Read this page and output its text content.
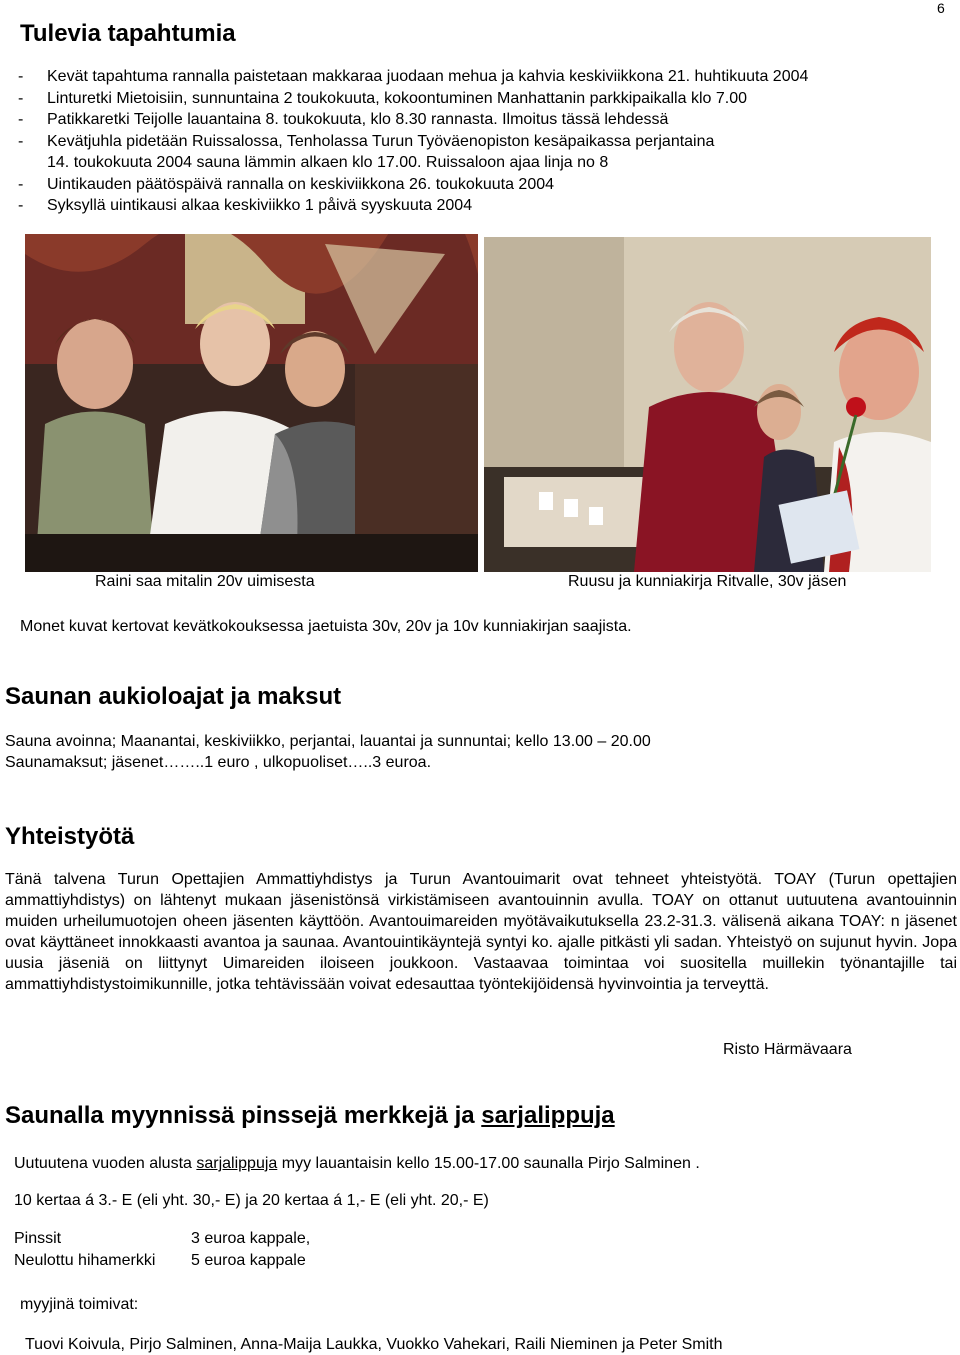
6
Tulevia tapahtumia
-	Kevät tapahtuma rannalla paistetaan makkaraa juodaan mehua ja kahvia keskiviikkona 21. huhtikuuta 2004
-	Linturetki Mietoisiin, sunnuntaina 2 toukokuuta, kokoontuminen Manhattanin parkkipaikalla klo 7.00
-	Patikkaretki Teijolle lauantaina 8. toukokuuta, klo 8.30 rannasta. Ilmoitus tässä lehdessä
-	Kevätjuhla pidetään Ruissalossa, Tenholassa Turun Työväenopiston kesäpaikassa perjantaina
14. toukokuuta 2004 sauna lämmin alkaen klo 17.00. Ruissaloon ajaa linja no 8
-	Uintikauden päätöspäivä rannalla on keskiviikkona 26. toukokuuta 2004
-	Syksyllä uintikausi alkaa keskiviikko 1 påivä syyskuuta 2004
Raini saa mitalin 20v uimisesta	Ruusu ja kunniakirja Ritvalle, 30v jäsen
Monet kuvat kertovat kevätkokouksessa jaetuista 30v, 20v ja 10v kunniakirjan saajista.
Saunan aukioloajat ja maksut
Sauna avoinna; Maanantai, keskiviikko, perjantai, lauantai ja sunnuntai; kello 13.00 – 20.00
Saunamaksut; jäsenet……..1 euro , ulkopuoliset…..3 euroa.
Yhteistyötä
Tänä talvena Turun Opettajien Ammattiyhdistys ja Turun Avantouimarit ovat tehneet yhteistyötä. TOAY (Turun opettajien ammattiyhdistys) on lähtenyt mukaan jäsenistönsä virkistämiseen avantouinnin avulla. TOAY on ottanut uutuutena avantouinnin muiden urheilumuotojen oheen jäsenten käyttöön. Avantouimareiden myötävaikutuksella 23.2-31.3. välisenä aikana TOAY: n jäsenet ovat käyttäneet innokkaasti avantoa ja saunaa. Avantouintikäyntejä syntyi ko. ajalle pitkästi yli sadan. Yhteistyö on sujunut hyvin. Jopa uusia jäseniä on liittynyt Uimareiden iloiseen joukkoon. Vastaavaa toimintaa voi suositella muillekin työnantajille tai ammattiyhdistystoimikunnille, jotka tehtävissään voivat edesauttaa työntekijöidensä hyvinvointia ja terveyttä.
Risto Härmävaara
Saunalla myynnissä pinssejä merkkejä ja sarjalippuja
Uutuutena vuoden alusta sarjalippuja myy lauantaisin kello 15.00-17.00 saunalla Pirjo Salminen .
10 kertaa á 3.- E (eli yht. 30,- E) ja 20 kertaa á 1,- E (eli yht. 20,- E)
Pinssit	3 euroa kappale,
Neulottu hihamerkki	5 euroa kappale
myyjinä toimivat:
Tuovi Koivula, Pirjo Salminen, Anna-Maija Laukka, Vuokko Vahekari, Raili Nieminen ja Peter Smith
